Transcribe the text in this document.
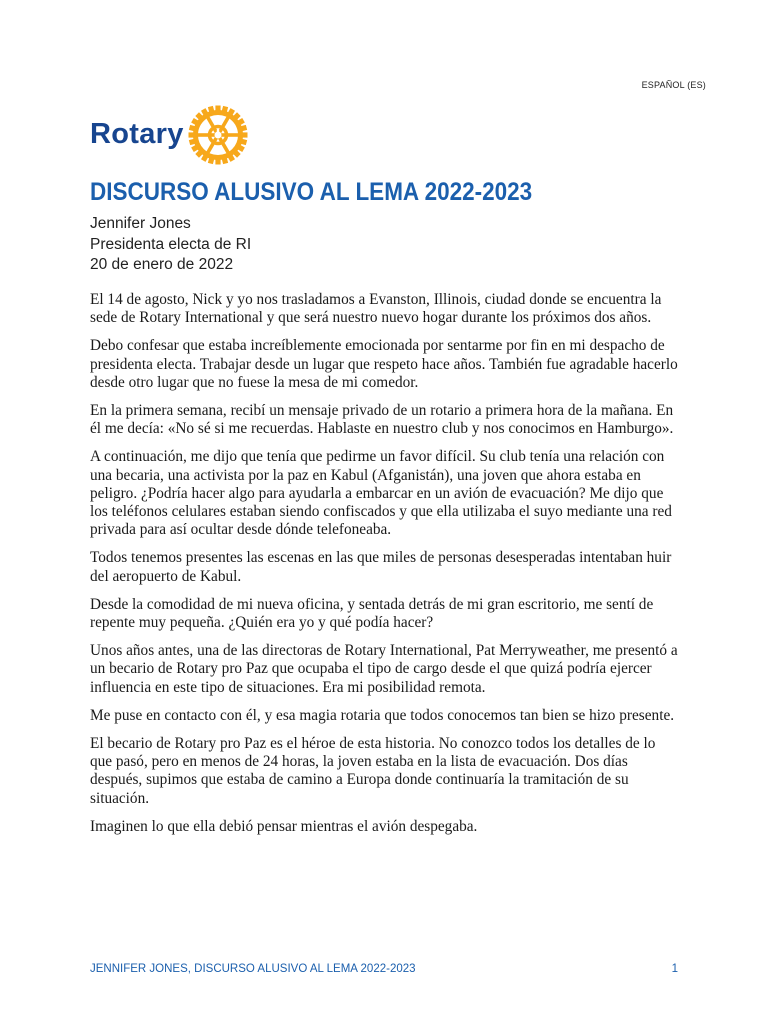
ESPAÑOL (ES)
Rotary
DISCURSO ALUSIVO AL LEMA 2022-2023
Jennifer Jones
Presidenta electa de RI
20 de enero de 2022

El 14 de agosto, Nick y yo nos trasladamos a Evanston, Illinois, ciudad donde se encuentra la sede de Rotary International y que será nuestro nuevo hogar durante los próximos dos años.

Debo confesar que estaba increíblemente emocionada por sentarme por fin en mi despacho de presidenta electa. Trabajar desde un lugar que respeto hace años. También fue agradable hacerlo desde otro lugar que no fuese la mesa de mi comedor.

En la primera semana, recibí un mensaje privado de un rotario a primera hora de la mañana. En él me decía: «No sé si me recuerdas. Hablaste en nuestro club y nos conocimos en Hamburgo».

A continuación, me dijo que tenía que pedirme un favor difícil. Su club tenía una relación con una becaria, una activista por la paz en Kabul (Afganistán), una joven que ahora estaba en peligro. ¿Podría hacer algo para ayudarla a embarcar en un avión de evacuación? Me dijo que los teléfonos celulares estaban siendo confiscados y que ella utilizaba el suyo mediante una red privada para así ocultar desde dónde telefoneaba.

Todos tenemos presentes las escenas en las que miles de personas desesperadas intentaban huir del aeropuerto de Kabul.

Desde la comodidad de mi nueva oficina, y sentada detrás de mi gran escritorio, me sentí de repente muy pequeña. ¿Quién era yo y qué podía hacer?

Unos años antes, una de las directoras de Rotary International, Pat Merryweather, me presentó a un becario de Rotary pro Paz que ocupaba el tipo de cargo desde el que quizá podría ejercer influencia en este tipo de situaciones. Era mi posibilidad remota.

Me puse en contacto con él, y esa magia rotaria que todos conocemos tan bien se hizo presente.

El becario de Rotary pro Paz es el héroe de esta historia. No conozco todos los detalles de lo que pasó, pero en menos de 24 horas, la joven estaba en la lista de evacuación. Dos días después, supimos que estaba de camino a Europa donde continuaría la tramitación de su situación.

Imaginen lo que ella debió pensar mientras el avión despegaba.

JENNIFER JONES, DISCURSO ALUSIVO AL LEMA 2022-2023	1
